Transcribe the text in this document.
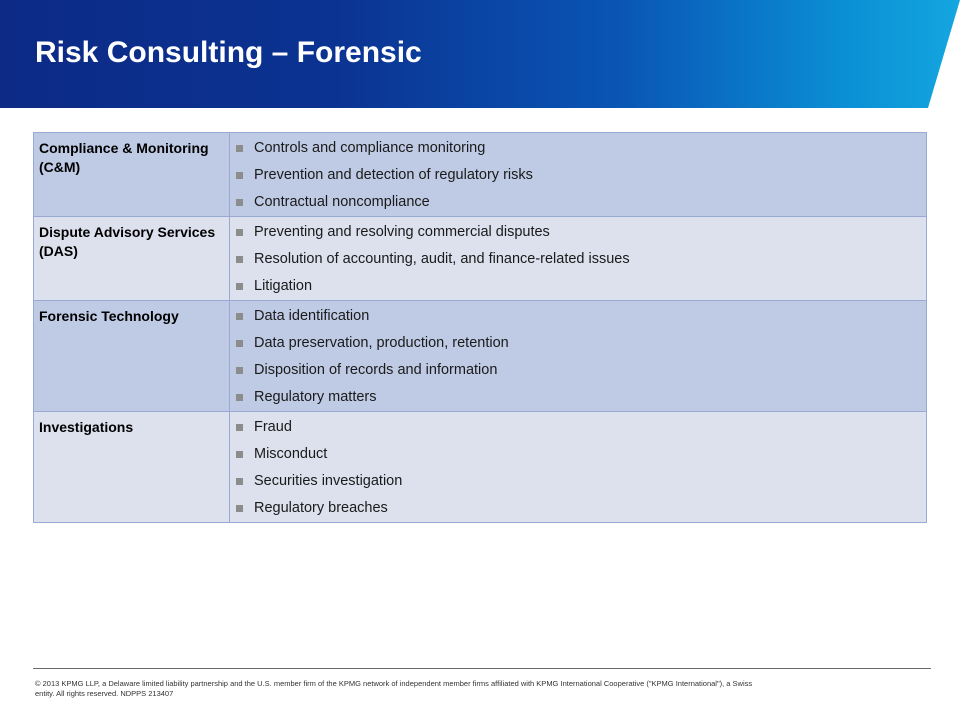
Risk Consulting – Forensic
Compliance & Monitoring (C&M)	Controls and compliance monitoring
Prevention and detection of regulatory risks
Contractual noncompliance

Dispute Advisory Services (DAS)	Preventing and resolving commercial disputes
Resolution of accounting, audit, and finance-related issues
Litigation

Forensic Technology	Data identification
Data preservation, production, retention
Disposition of records and information
Regulatory matters

Investigations	Fraud
Misconduct
Securities investigation
Regulatory breaches

© 2013 KPMG LLP, a Delaware limited liability partnership and the U.S. member firm of the KPMG network of independent member firms affiliated with KPMG International Cooperative ("KPMG International"), a Swiss entity. All rights reserved. NDPPS 213407
